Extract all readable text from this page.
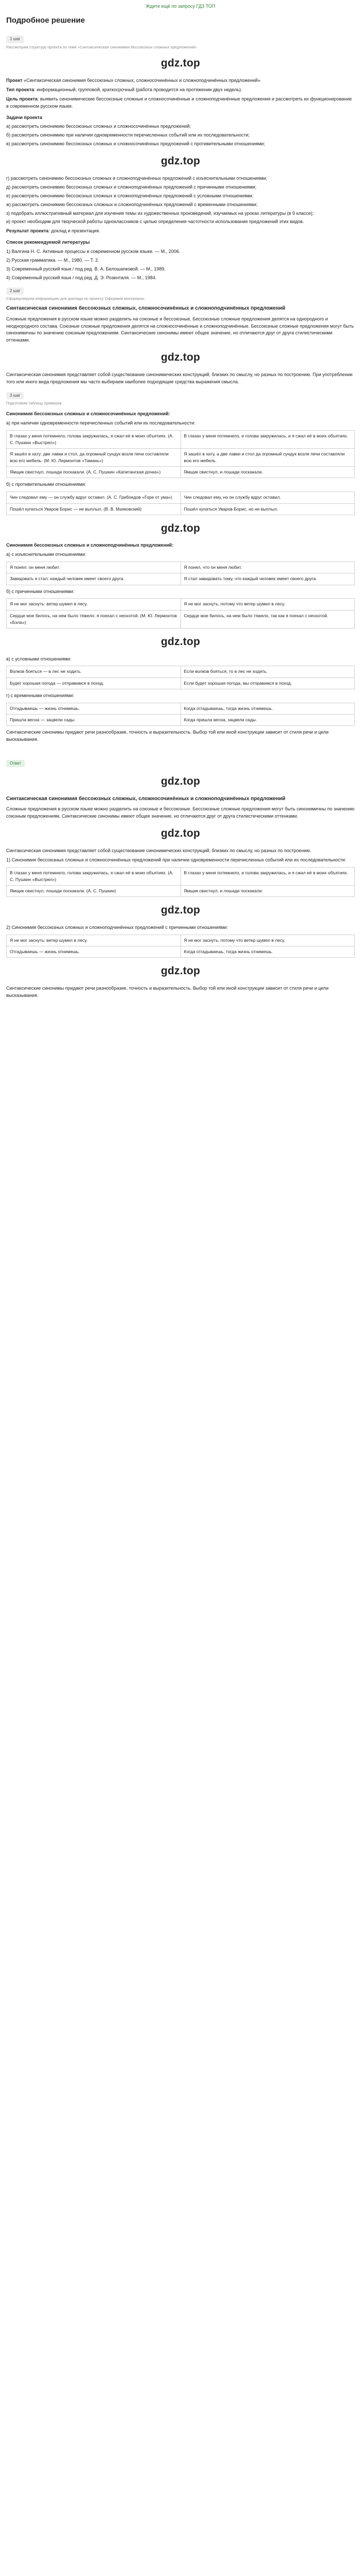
Ждите ещё по запросу ГДЗ ТОП
Подробное решение
1 шаг
Рассмотрим структуру проекта по теме «Синтаксическая синонимия бессоюзных сложных предложений»
gdz.top

Проект «Синтаксическая синонимия бессоюзных сложных, сложносочинённых и сложноподчинённых предложений»

Тип проекта: информационный, групповой, краткосрочный (работа проводится на протяжении двух недель).

Цель проекта: выявить синонимические бессоюзные сложные и сложносочинённые и сложноподчинённые предложения и рассмотреть их функционирование в современном русском языке.

Задачи проекта
а) рассмотреть синонимию бессоюзных сложных и сложносочинённых предложений;
б) рассмотреть синонимию при наличии одновременности перечисленных событий или их последовательности;
в) рассмотреть синонимию бессоюзных сложных и сложносочинённых предложений с противительными отношениями;
gdz.top
г) рассмотреть синонимию бессоюзных сложных и сложноподчинённых предложений с изъяснительными отношениями;
д) рассмотреть синонимию бессоюзных сложных и сложноподчинённых предложений с причинными отношениями;
е) рассмотреть синонимию бессоюзных сложных и сложноподчинённых предложений с условными отношениями;
ж) рассмотреть синонимию бессоюзных сложных и сложноподчинённых предложений с временными отношениями;
з) подобрать иллюстративный материал для изучения темы из художественных произведений, изучаемых на уроках литературы (в 9 классе);
и) проект необходим для творческой работы одноклассников с целью определения частотности использования предложений этих видов.

Результат проекта: доклад и презентация.

Список рекомендуемой литературы
1) Валгина Н. С. Активные процессы в современном русском языке. — М., 2006.
2) Русская грамматика. — М., 1980. — Т. 2.
3) Современный русский язык / под ред. В. А. Белошапковой. — М., 1989.
4) Современный русский язык / под ред. Д. Э. Розенталя. — М., 1984.
2 шаг
Сформулируем информацию для доклада по проекту. Оформим материалы.
Синтаксическая синонимия бессоюзных сложных, сложносочинённых и сложноподчинённых предложений

Сложные предложения в русском языке можно разделить на союзные и бессоюзные. Бессоюзные сложные предложения делятся на однородного и неоднородного состава. Союзные сложные предложения делятся на сложносочинённые и сложноподчинённые. Бессоюзные сложные предложения могут быть синонимичны по значению союзным предложениям. Синтаксические синонимы имеют общее значение, но отличаются друг от друга стилистическими оттенками.

gdz.top

Синтаксическая синонимия представляет собой существование синонимических конструкций, близких по смыслу, но разных по построению. При употреблении того или иного вида предложения мы часто выбираем наиболее подходящие средства выражения смысла.

3 шаг
Подготовим таблицу примеров
Синонимия бессоюзных сложных и сложносочинённых предложений:
а) при наличии одновременности перечисленных событий или их последовательности:
В глазах у меня потемнело, голова закружилась, я сжал её в моих объятиях. (А. С. Пушкин «Выстрел»)	В глазах у меня потемнело, и голова закружилась, и я сжал её в моих объятиях.
Я зашёл в хату: две лавки и стол, да огромный сундук возле печи составляли всю его мебель. (М. Ю. Лермонтов «Тамань»)	Я зашёл в хату, а две лавки и стол да огромный сундук возле печи составляли всю его мебель.
Ямщик свистнул, лошади поскакали. (А. С. Пушкин «Капитанская дочка»)	Ямщик свистнул, и лошади поскакали.
б) с противительными отношениями:
Чин следовал ему — он службу вдруг оставил. (А. С. Грибоедов «Горе от ума»)	Чин следовал ему, но он службу вдруг оставил.
Пошёл купаться Уваров Борис — не выплыл. (В. В. Маяковский)	Пошёл купаться Уваров Борис, но не выплыл.
gdz.top
Синонимия бессоюзных сложных и сложноподчинённых предложений:
а) с изъяснительными отношениями:
Я понял: он меня любит.	Я понял, что он меня любит.
Завидовать я стал: каждый человек имеет своего друга.	Я стал завидовать тому, что каждый человек имеет своего друга.
б) с причинными отношениями:
Я не мог заснуть: ветер шумел в лесу.	Я не мог заснуть, потому что ветер шумел в лесу.
Сердце мое билось, на нем было тяжело: я поехал с неохотой. (М. Ю. Лермонтов «Бэла»)	Сердце мое билось, на нем было тяжело, так как я поехал с неохотой.
gdz.top
в) с условными отношениями:
Волков бояться — в лес не ходить.	Если волков бояться, то в лес не ходить.
Будет хорошая погода — отправимся в поход.	Если будет хорошая погода, мы отправимся в поход.
г) с временными отношениями:
Отгадываешь — жизнь отнимешь.	Когда отгадываешь, тогда жизнь отнимешь.
Пришла весна — зацвели сады.	Когда пришла весна, зацвели сады.

Синтаксические синонимы придают речи разнообразие, точность и выразительность. Выбор той или иной конструкции зависит от стиля речи и цели высказывания.

Ответ
gdz.top
Синтаксическая синонимия бессоюзных сложных, сложносочинённых и сложноподчинённых предложений

Сложные предложения в русском языке можно разделить на союзные и бессоюзные. Бессоюзные сложные предложения могут быть синонимичны по значению союзным предложениям. Синтаксические синонимы имеют общее значение, но отличаются друг от друга стилистическими оттенками.

gdz.top

Синтаксическая синонимия представляет собой существование синонимических конструкций, близких по смыслу, но разных по построению.

1) Синонимия бессоюзных сложных и сложносочинённых предложений при наличии одновременности перечисленных событий или их последовательности:

В глазах у меня потемнело, голова закружилась, я сжал её в моих объятиях. (А. С. Пушкин «Выстрел»)	В глазах у меня потемнело, и голова закружилась, и я сжал её в моих объятиях.
Ямщик свистнул, лошади поскакали. (А. С. Пушкин)	Ямщик свистнул, и лошади поскакали.
gdz.top

2) Синонимия бессоюзных сложных и сложноподчинённых предложений с причинными отношениями:

Я не мог заснуть: ветер шумел в лесу.	Я не мог заснуть, потому что ветер шумел в лесу.
Отгадываешь — жизнь отнимешь.	Когда отгадываешь, тогда жизнь отнимешь.
gdz.top

Синтаксические синонимы придают речи разнообразие, точность и выразительность. Выбор той или иной конструкции зависит от стиля речи и цели высказывания.
